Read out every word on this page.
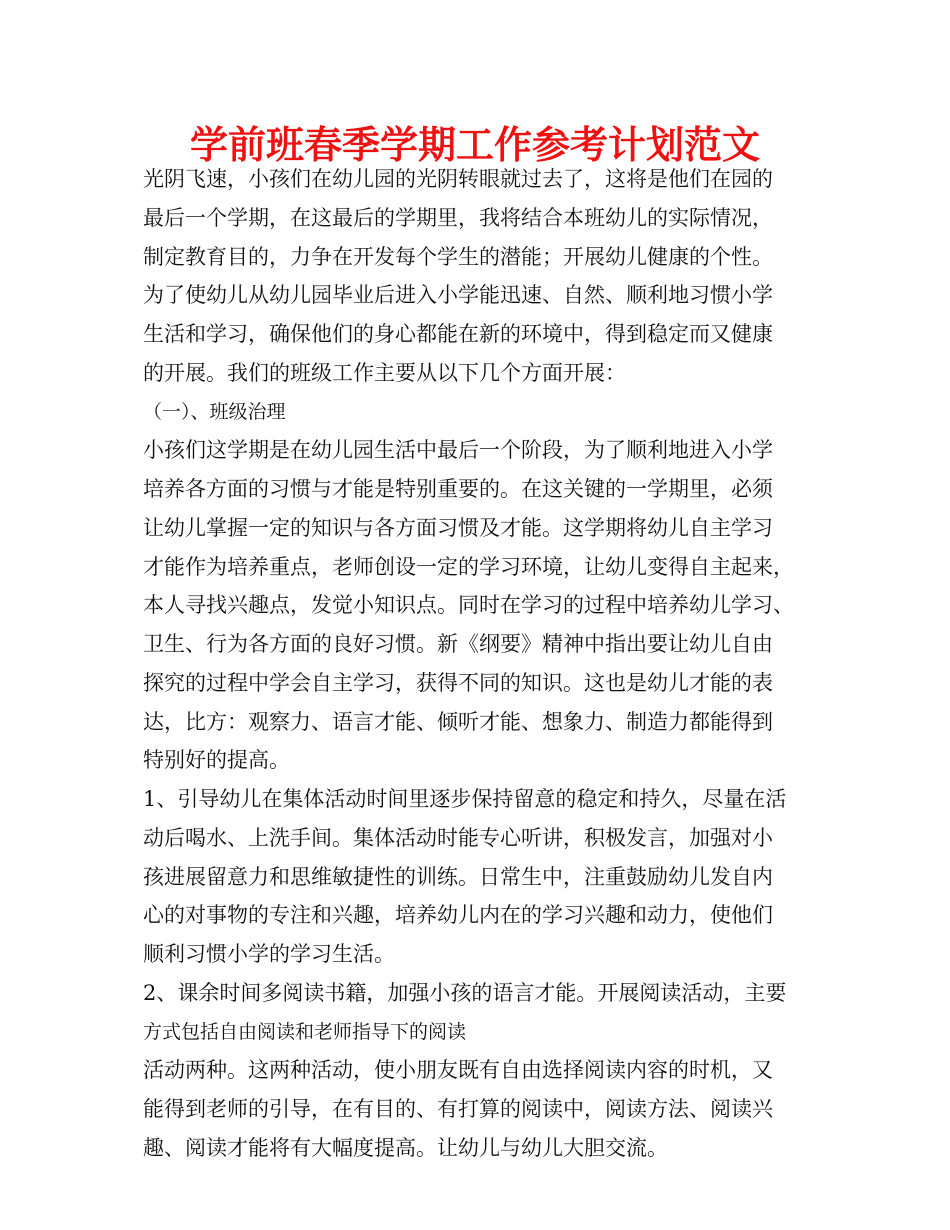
学前班春季学期工作参考计划范文
光阴飞速，小孩们在幼儿园的光阴转眼就过去了，这将是他们在园的
最后一个学期，在这最后的学期里，我将结合本班幼儿的实际情况，
制定教育目的，力争在开发每个学生的潜能；开展幼儿健康的个性。
为了使幼儿从幼儿园毕业后进入小学能迅速、自然、顺利地习惯小学
生活和学习，确保他们的身心都能在新的环境中，得到稳定而又健康
的开展。我们的班级工作主要从以下几个方面开展：
（一）、班级治理
小孩们这学期是在幼儿园生活中最后一个阶段，为了顺利地进入小学
培养各方面的习惯与才能是特别重要的。在这关键的一学期里，必须
让幼儿掌握一定的知识与各方面习惯及才能。这学期将幼儿自主学习
才能作为培养重点，老师创设一定的学习环境，让幼儿变得自主起来，
本人寻找兴趣点，发觉小知识点。同时在学习的过程中培养幼儿学习、
卫生、行为各方面的良好习惯。新《纲要》精神中指出要让幼儿自由
探究的过程中学会自主学习，获得不同的知识。这也是幼儿才能的表
达，比方：观察力、语言才能、倾听才能、想象力、制造力都能得到
特别好的提高。
1、引导幼儿在集体活动时间里逐步保持留意的稳定和持久，尽量在活
动后喝水、上洗手间。集体活动时能专心听讲，积极发言，加强对小
孩进展留意力和思维敏捷性的训练。日常生中，注重鼓励幼儿发自内
心的对事物的专注和兴趣，培养幼儿内在的学习兴趣和动力，使他们
顺利习惯小学的学习生活。
2、课余时间多阅读书籍，加强小孩的语言才能。开展阅读活动，主要
方式包括自由阅读和老师指导下的阅读
活动两种。这两种活动，使小朋友既有自由选择阅读内容的时机，又
能得到老师的引导，在有目的、有打算的阅读中，阅读方法、阅读兴
趣、阅读才能将有大幅度提高。让幼儿与幼儿大胆交流。
